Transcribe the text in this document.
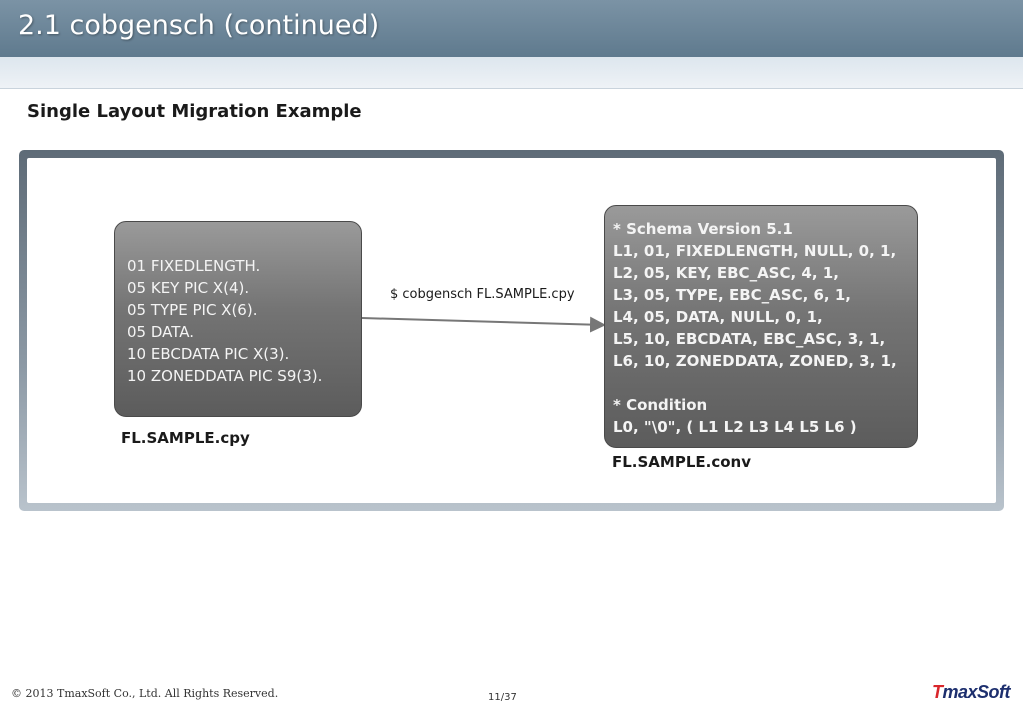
2.1 cobgensch (continued)
Single Layout Migration Example
01 FIXEDLENGTH.
05 KEY PIC X(4).
05 TYPE PIC X(6).
05 DATA.
10 EBCDATA PIC X(3).
10 ZONEDDATA PIC S9(3).
FL.SAMPLE.cpy
$ cobgensch FL.SAMPLE.cpy
* Schema Version 5.1
L1, 01, FIXEDLENGTH, NULL, 0, 1,
L2, 05, KEY, EBC_ASC, 4, 1,
L3, 05, TYPE, EBC_ASC, 6, 1,
L4, 05, DATA, NULL, 0, 1,
L5, 10, EBCDATA, EBC_ASC, 3, 1,
L6, 10, ZONEDDATA, ZONED, 3, 1,
* Condition
L0, "\0", ( L1 L2 L3 L4 L5 L6 )
FL.SAMPLE.conv
© 2013 TmaxSoft Co., Ltd. All Rights Reserved.	11/37	TmaxSoft
